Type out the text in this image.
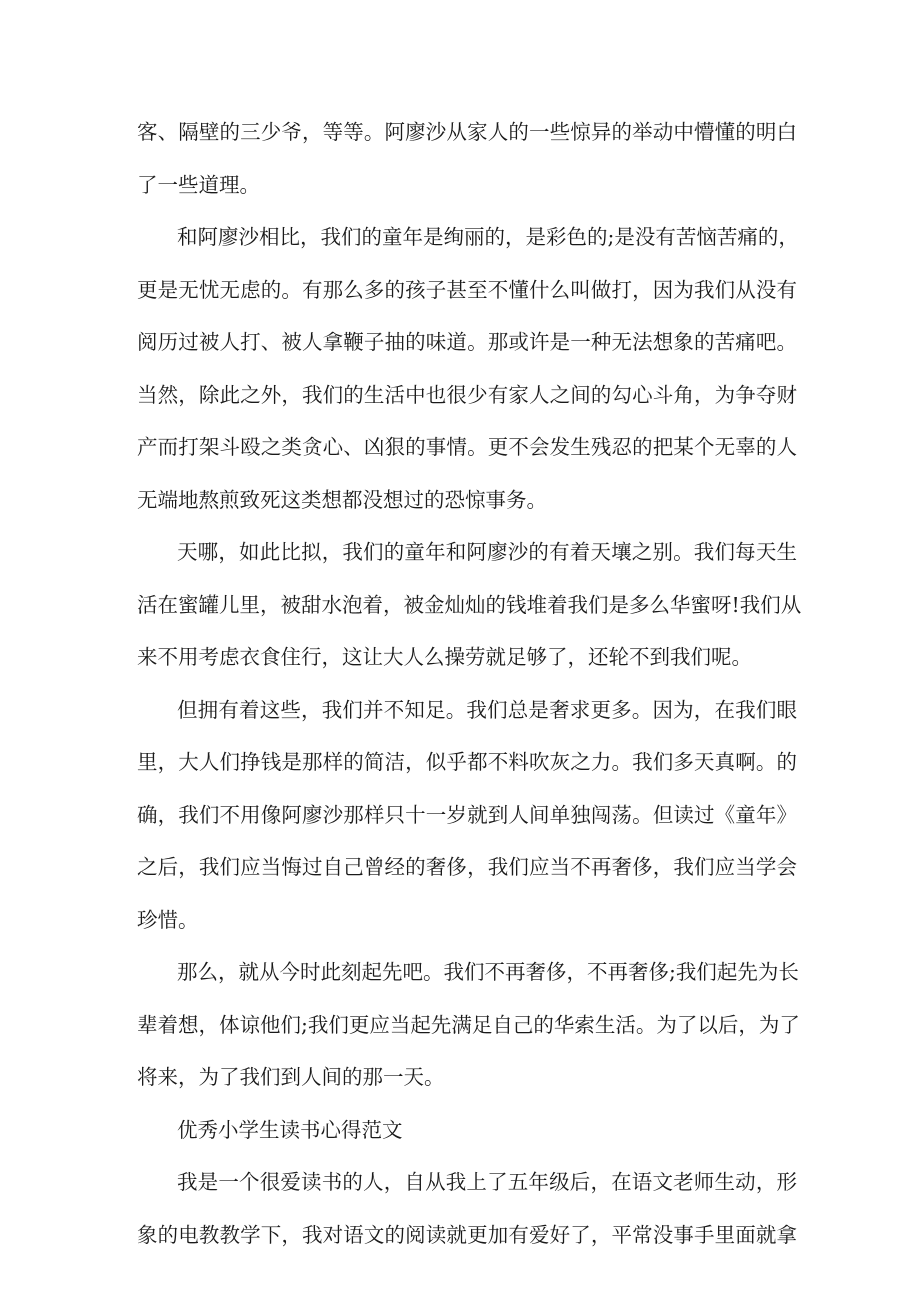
客、隔壁的三少爷，等等。阿廖沙从家人的一些惊异的举动中懵懂的明白

了一些道理。

和阿廖沙相比，我们的童年是绚丽的，是彩色的;是没有苦恼苦痛的，

更是无忧无虑的。有那么多的孩子甚至不懂什么叫做打，因为我们从没有

阅历过被人打、被人拿鞭子抽的味道。那或许是一种无法想象的苦痛吧。

当然，除此之外，我们的生活中也很少有家人之间的勾心斗角，为争夺财

产而打架斗殴之类贪心、凶狠的事情。更不会发生残忍的把某个无辜的人

无端地熬煎致死这类想都没想过的恐惊事务。

天哪，如此比拟，我们的童年和阿廖沙的有着天壤之别。我们每天生

活在蜜罐儿里，被甜水泡着，被金灿灿的钱堆着我们是多么华蜜呀!我们从

来不用考虑衣食住行，这让大人么操劳就足够了，还轮不到我们呢。

但拥有着这些，我们并不知足。我们总是奢求更多。因为，在我们眼

里，大人们挣钱是那样的简洁，似乎都不料吹灰之力。我们多天真啊。的

确，我们不用像阿廖沙那样只十一岁就到人间单独闯荡。但读过《童年》

之后，我们应当悔过自己曾经的奢侈，我们应当不再奢侈，我们应当学会

珍惜。

那么，就从今时此刻起先吧。我们不再奢侈，不再奢侈;我们起先为长

辈着想，体谅他们;我们更应当起先满足自己的华索生活。为了以后，为了

将来，为了我们到人间的那一天。

优秀小学生读书心得范文

我是一个很爱读书的人，自从我上了五年级后，在语文老师生动，形

象的电教教学下，我对语文的阅读就更加有爱好了，平常没事手里面就拿
